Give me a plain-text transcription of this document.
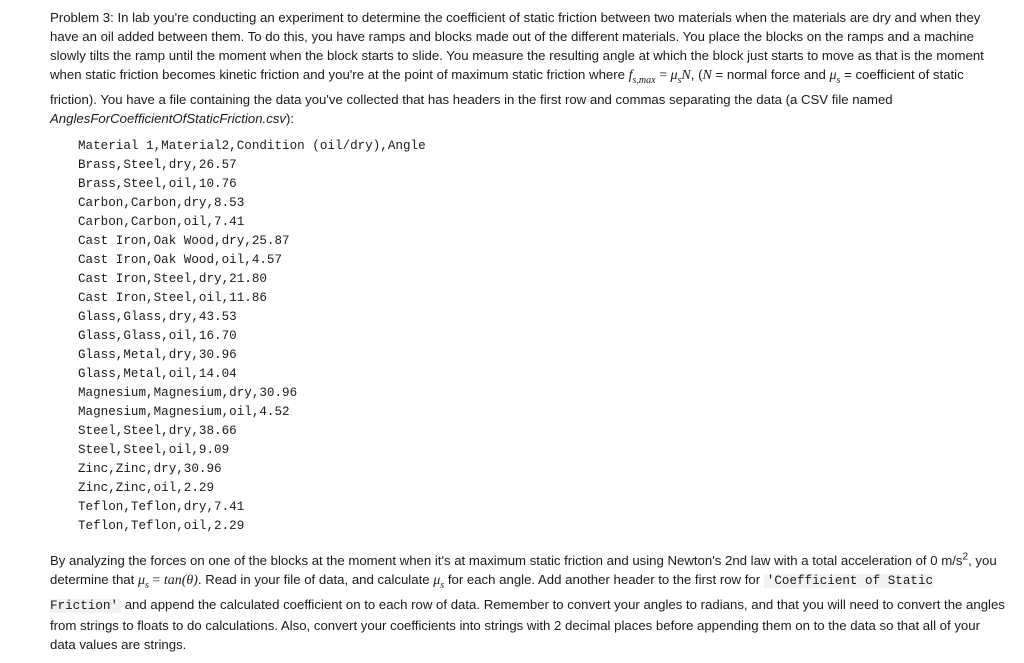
Problem 3: In lab you're conducting an experiment to determine the coefficient of static friction between two materials when the materials are dry and when they have an oil added between them. To do this, you have ramps and blocks made out of the different materials. You place the blocks on the ramps and a machine slowly tilts the ramp until the moment when the block starts to slide. You measure the resulting angle at which the block just starts to move as that is the moment when static friction becomes kinetic friction and you're at the point of maximum static friction where $f_{s,max} = \mu_sN$, (N = normal force and $\mu_s$ = coefficient of static friction). You have a file containing the data you've collected that has headers in the first row and commas separating the data (a CSV file named AnglesForCoefficientOfStaticFriction.csv):
Material 1,Material2,Condition (oil/dry),Angle
Brass,Steel,dry,26.57
Brass,Steel,oil,10.76
Carbon,Carbon,dry,8.53
Carbon,Carbon,oil,7.41
Cast Iron,Oak Wood,dry,25.87
Cast Iron,Oak Wood,oil,4.57
Cast Iron,Steel,dry,21.80
Cast Iron,Steel,oil,11.86
Glass,Glass,dry,43.53
Glass,Glass,oil,16.70
Glass,Metal,dry,30.96
Glass,Metal,oil,14.04
Magnesium,Magnesium,dry,30.96
Magnesium,Magnesium,oil,4.52
Steel,Steel,dry,38.66
Steel,Steel,oil,9.09
Zinc,Zinc,dry,30.96
Zinc,Zinc,oil,2.29
Teflon,Teflon,dry,7.41
Teflon,Teflon,oil,2.29
By analyzing the forces on one of the blocks at the moment when it's at maximum static friction and using Newton's 2nd law with a total acceleration of 0 $m/s^2$, you determine that $\mu_s = \tan(\theta)$. Read in your file of data, and calculate $\mu_s$ for each angle. Add another header to the first row for 'Coefficient of Static Friction' and append the calculated coefficient on to each row of data. Remember to convert your angles to radians, and that you will need to convert the angles from strings to floats to do calculations. Also, convert your coefficients into strings with 2 decimal places before appending them on to the data so that all of your data values are strings.
